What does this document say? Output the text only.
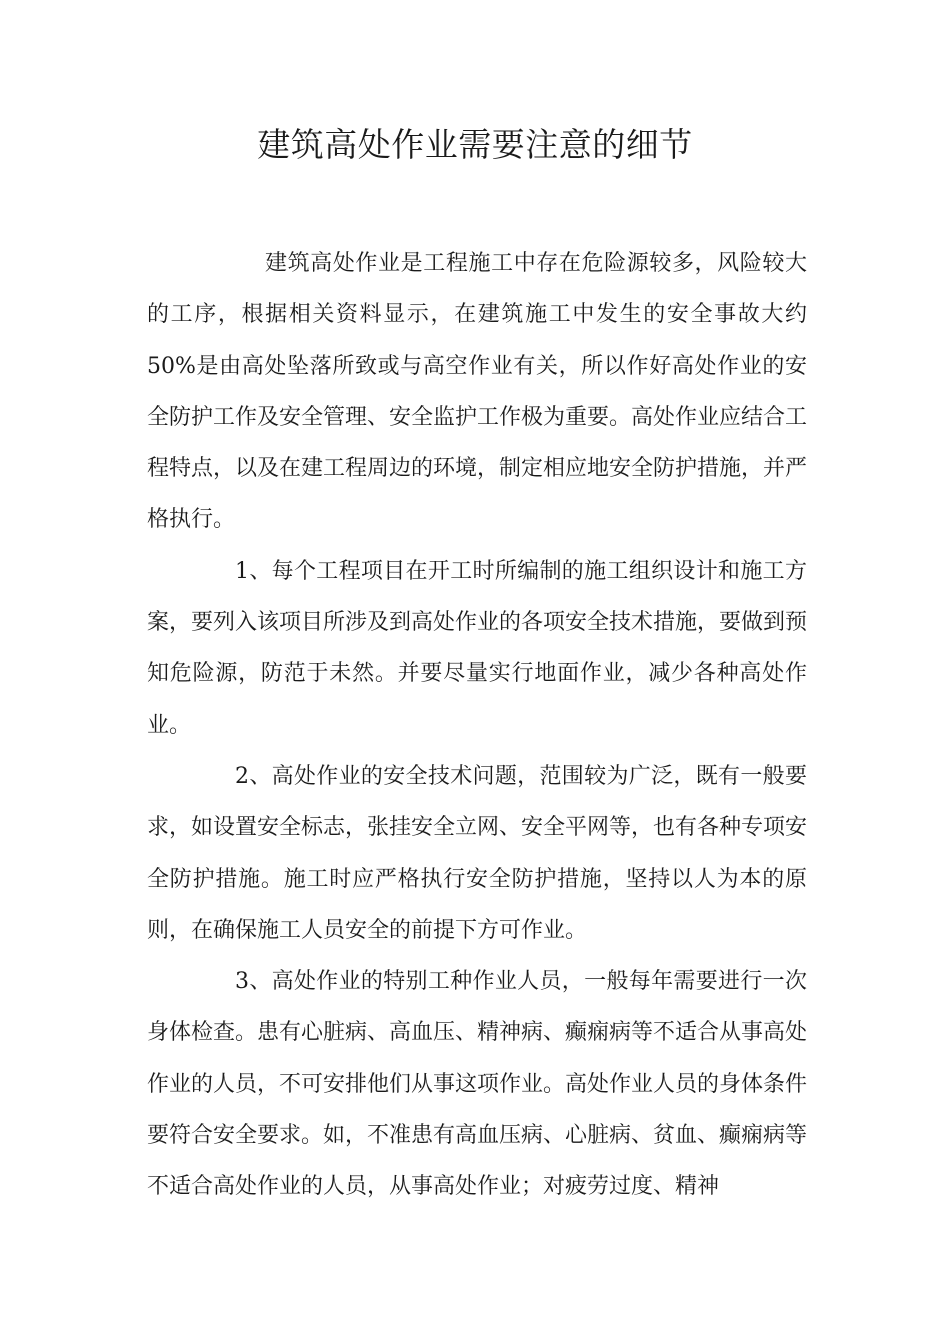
建筑高处作业需要注意的细节

建筑高处作业是工程施工中存在危险源较多，风险较大的工序，根据相关资料显示，在建筑施工中发生的安全事故大约50%是由高处坠落所致或与高空作业有关，所以作好高处作业的安全防护工作及安全管理、安全监护工作极为重要。高处作业应结合工程特点，以及在建工程周边的环境，制定相应地安全防护措施，并严格执行。

1、每个工程项目在开工时所编制的施工组织设计和施工方案，要列入该项目所涉及到高处作业的各项安全技术措施，要做到预知危险源，防范于未然。并要尽量实行地面作业，减少各种高处作业。

2、高处作业的安全技术问题，范围较为广泛，既有一般要求，如设置安全标志，张挂安全立网、安全平网等，也有各种专项安全防护措施。施工时应严格执行安全防护措施，坚持以人为本的原则，在确保施工人员安全的前提下方可作业。

3、高处作业的特别工种作业人员，一般每年需要进行一次身体检查。患有心脏病、高血压、精神病、癫痫病等不适合从事高处作业的人员，不可安排他们从事这项作业。高处作业人员的身体条件要符合安全要求。如，不准患有高血压病、心脏病、贫血、癫痫病等不适合高处作业的人员，从事高处作业；对疲劳过度、精神
